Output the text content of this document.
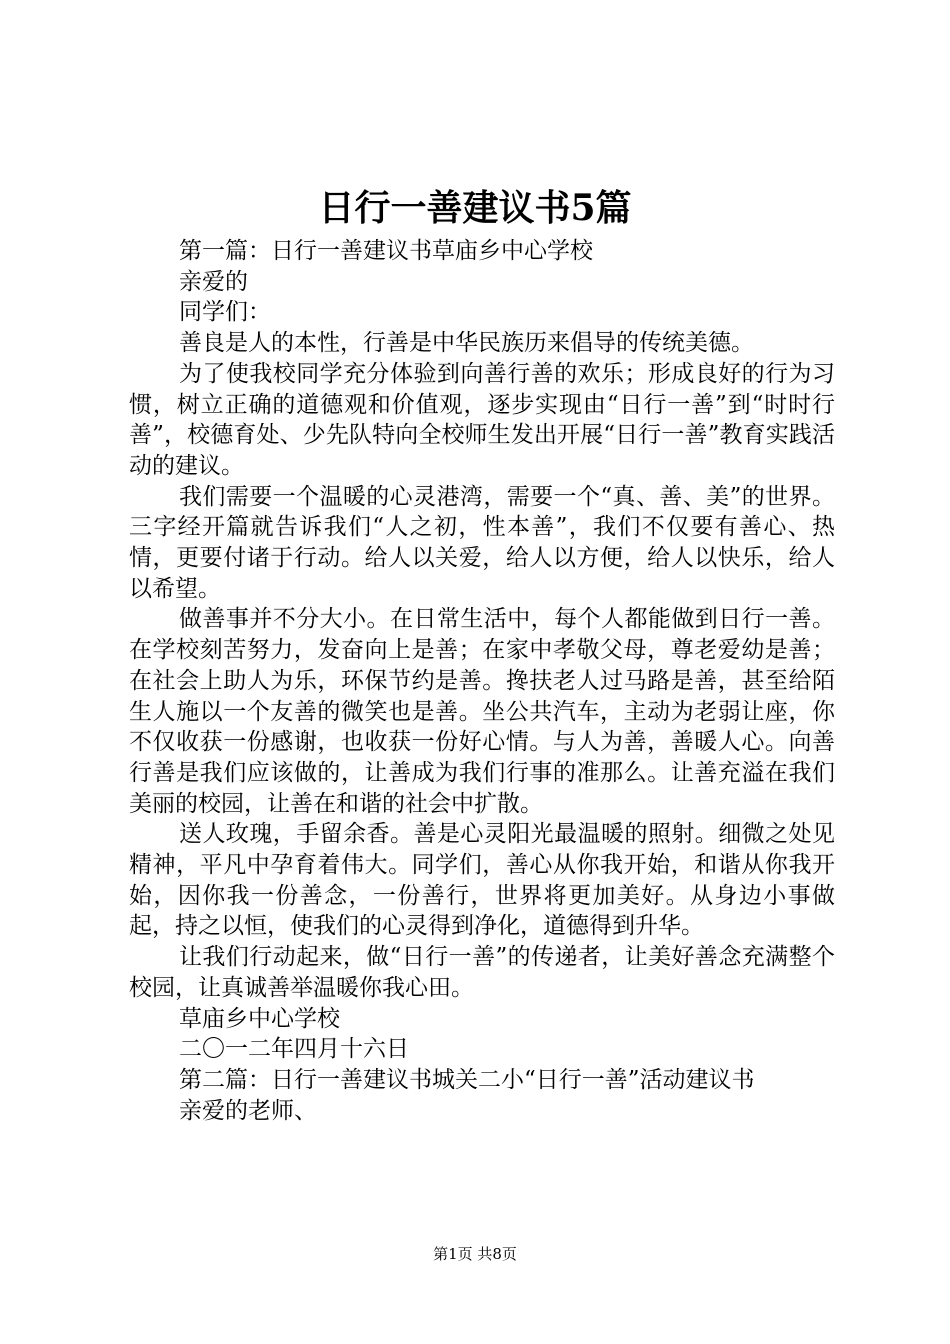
日行一善建议书5篇

第一篇：日行一善建议书草庙乡中心学校

亲爱的

同学们：

善良是人的本性，行善是中华民族历来倡导的传统美德。

为了使我校同学充分体验到向善行善的欢乐；形成良好的行为习惯，树立正确的道德观和价值观，逐步实现由“日行一善”到“时时行善”，校德育处、少先队特向全校师生发出开展“日行一善”教育实践活动的建议。

我们需要一个温暖的心灵港湾，需要一个“真、善、美”的世界。三字经开篇就告诉我们“人之初，性本善”，我们不仅要有善心、热情，更要付诸于行动。给人以关爱，给人以方便，给人以快乐，给人以希望。

做善事并不分大小。在日常生活中，每个人都能做到日行一善。在学校刻苦努力，发奋向上是善；在家中孝敬父母，尊老爱幼是善；在社会上助人为乐，环保节约是善。搀扶老人过马路是善，甚至给陌生人施以一个友善的微笑也是善。坐公共汽车，主动为老弱让座，你不仅收获一份感谢，也收获一份好心情。与人为善，善暖人心。向善行善是我们应该做的，让善成为我们行事的准那么。让善充溢在我们美丽的校园，让善在和谐的社会中扩散。

送人玫瑰，手留余香。善是心灵阳光最温暖的照射。细微之处见精神，平凡中孕育着伟大。同学们，善心从你我开始，和谐从你我开始，因你我一份善念，一份善行，世界将更加美好。从身边小事做起，持之以恒，使我们的心灵得到净化，道德得到升华。

让我们行动起来，做“日行一善”的传递者，让美好善念充满整个校园，让真诚善举温暖你我心田。

草庙乡中心学校

二〇一二年四月十六日

第二篇：日行一善建议书城关二小“日行一善”活动建议书

亲爱的老师、

第1页 共8页
